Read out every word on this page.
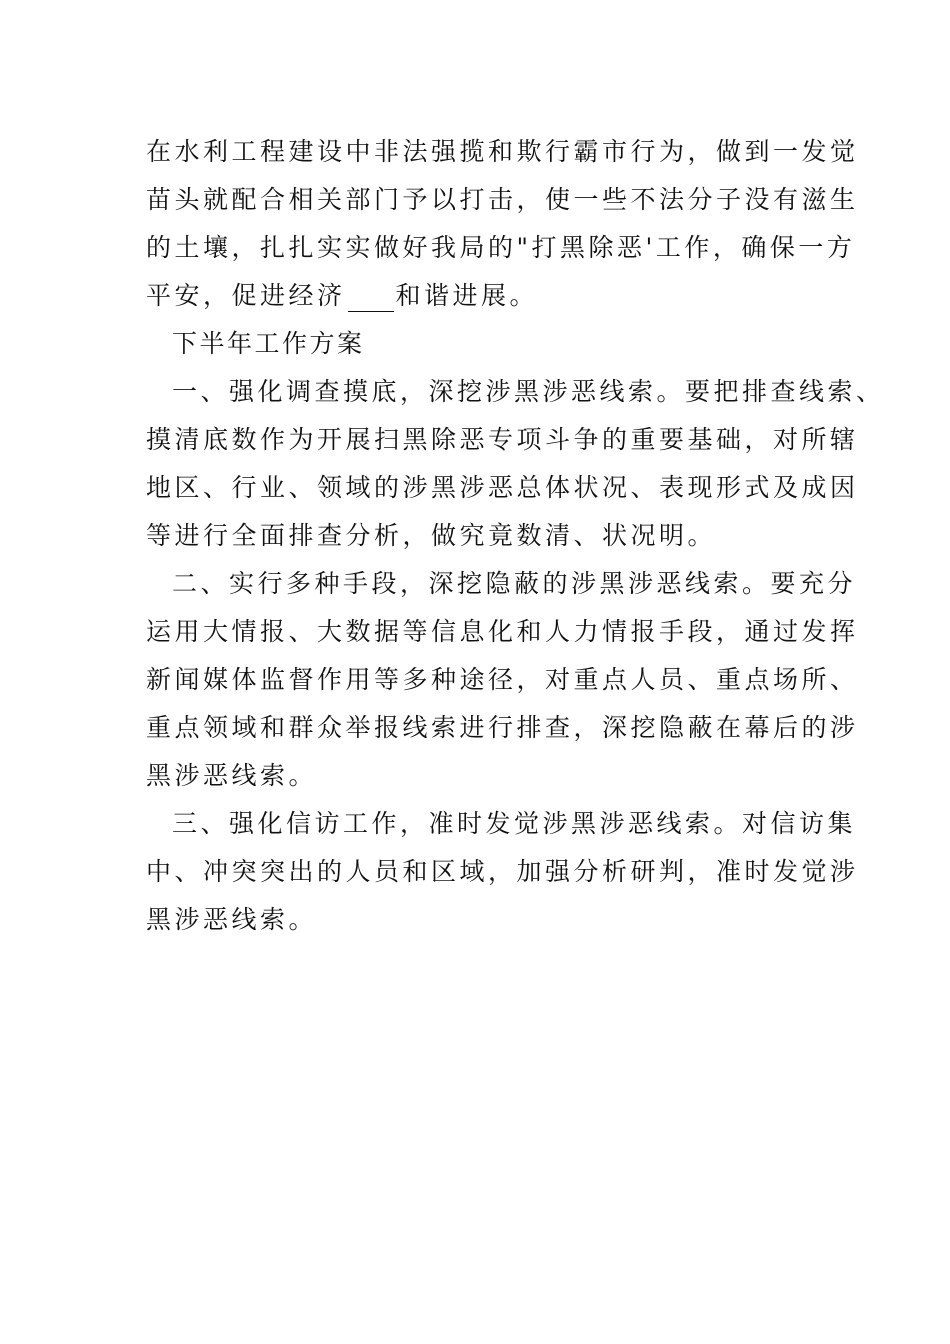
在水利工程建设中非法强揽和欺行霸市行为，做到一发觉
苗头就配合相关部门予以打击，使一些不法分子没有滋生
的土壤，扎扎实实做好我局的"打黑除恶'工作，确保一方
平安，促进经济 和谐进展。
下半年工作方案
一、强化调查摸底，深挖涉黑涉恶线索。要把排查线索、
摸清底数作为开展扫黑除恶专项斗争的重要基础，对所辖
地区、行业、领域的涉黑涉恶总体状况、表现形式及成因
等进行全面排查分析，做究竟数清、状况明。
二、实行多种手段，深挖隐蔽的涉黑涉恶线索。要充分
运用大情报、大数据等信息化和人力情报手段，通过发挥
新闻媒体监督作用等多种途径，对重点人员、重点场所、
重点领域和群众举报线索进行排查，深挖隐蔽在幕后的涉
黑涉恶线索。
三、强化信访工作，准时发觉涉黑涉恶线索。对信访集
中、冲突突出的人员和区域，加强分析研判，准时发觉涉
黑涉恶线索。
